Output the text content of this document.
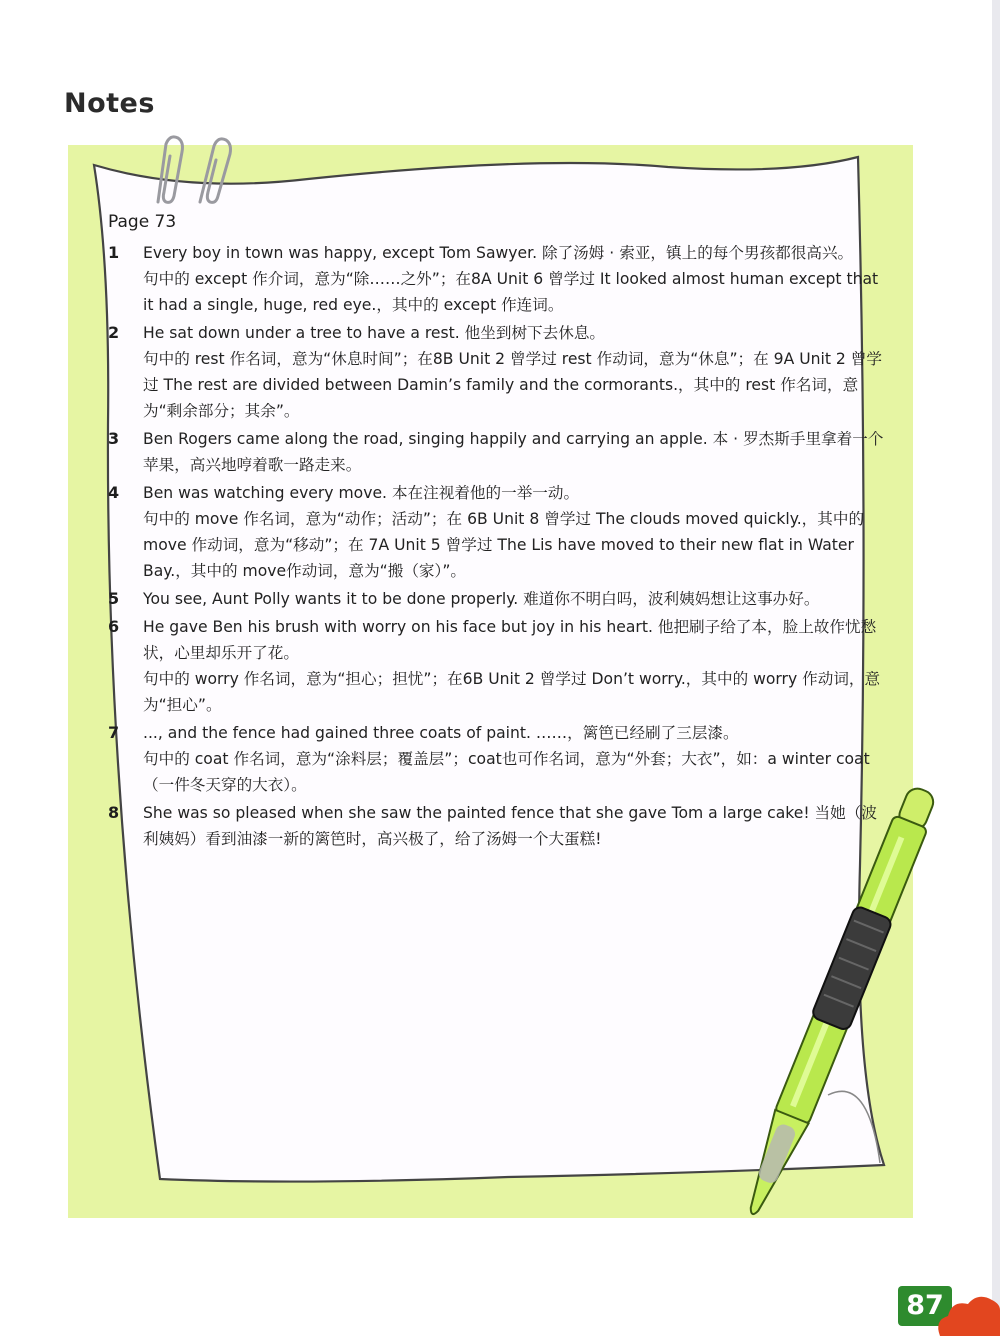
Notes
Page 73
1	Every boy in town was happy, except Tom Sawyer. 除了汤姆 · 索亚，镇上的每个男孩都很高兴。
句中的 except 作介词，意为“除……之外”；在8A Unit 6 曾学过 It looked almost human except that it had a single, huge, red eye.，其中的 except 作连词。
2	He sat down under a tree to have a rest. 他坐到树下去休息。
句中的 rest 作名词，意为“休息时间”；在8B Unit 2 曾学过 rest 作动词，意为“休息”；在 9A Unit 2 曾学过 The rest are divided between Damin’s family and the cormorants.，其中的 rest 作名词，意为“剩余部分；其余”。
3	Ben Rogers came along the road, singing happily and carrying an apple. 本 · 罗杰斯手里拿着一个苹果，高兴地哼着歌一路走来。
4	Ben was watching every move. 本在注视着他的一举一动。
句中的 move 作名词，意为“动作；活动”；在 6B Unit 8 曾学过 The clouds moved quickly.，其中的 move 作动词，意为“移动”；在 7A Unit 5 曾学过 The Lis have moved to their new flat in Water Bay.，其中的 move作动词，意为“搬（家）”。
5	You see, Aunt Polly wants it to be done properly. 难道你不明白吗，波利姨妈想让这事办好。
6	He gave Ben his brush with worry on his face but joy in his heart. 他把刷子给了本，脸上故作忧愁状，心里却乐开了花。
句中的 worry 作名词，意为“担心；担忧”；在6B Unit 2 曾学过 Don’t worry.，其中的 worry 作动词，意为“担心”。
7	..., and the fence had gained three coats of paint. ……，篱笆已经刷了三层漆。
句中的 coat 作名词，意为“涂料层；覆盖层”；coat也可作名词，意为“外套；大衣”，如：a winter coat（一件冬天穿的大衣）。
8	She was so pleased when she saw the painted fence that she gave Tom a large cake! 当她（波利姨妈）看到油漆一新的篱笆时，高兴极了，给了汤姆一个大蛋糕!
87
